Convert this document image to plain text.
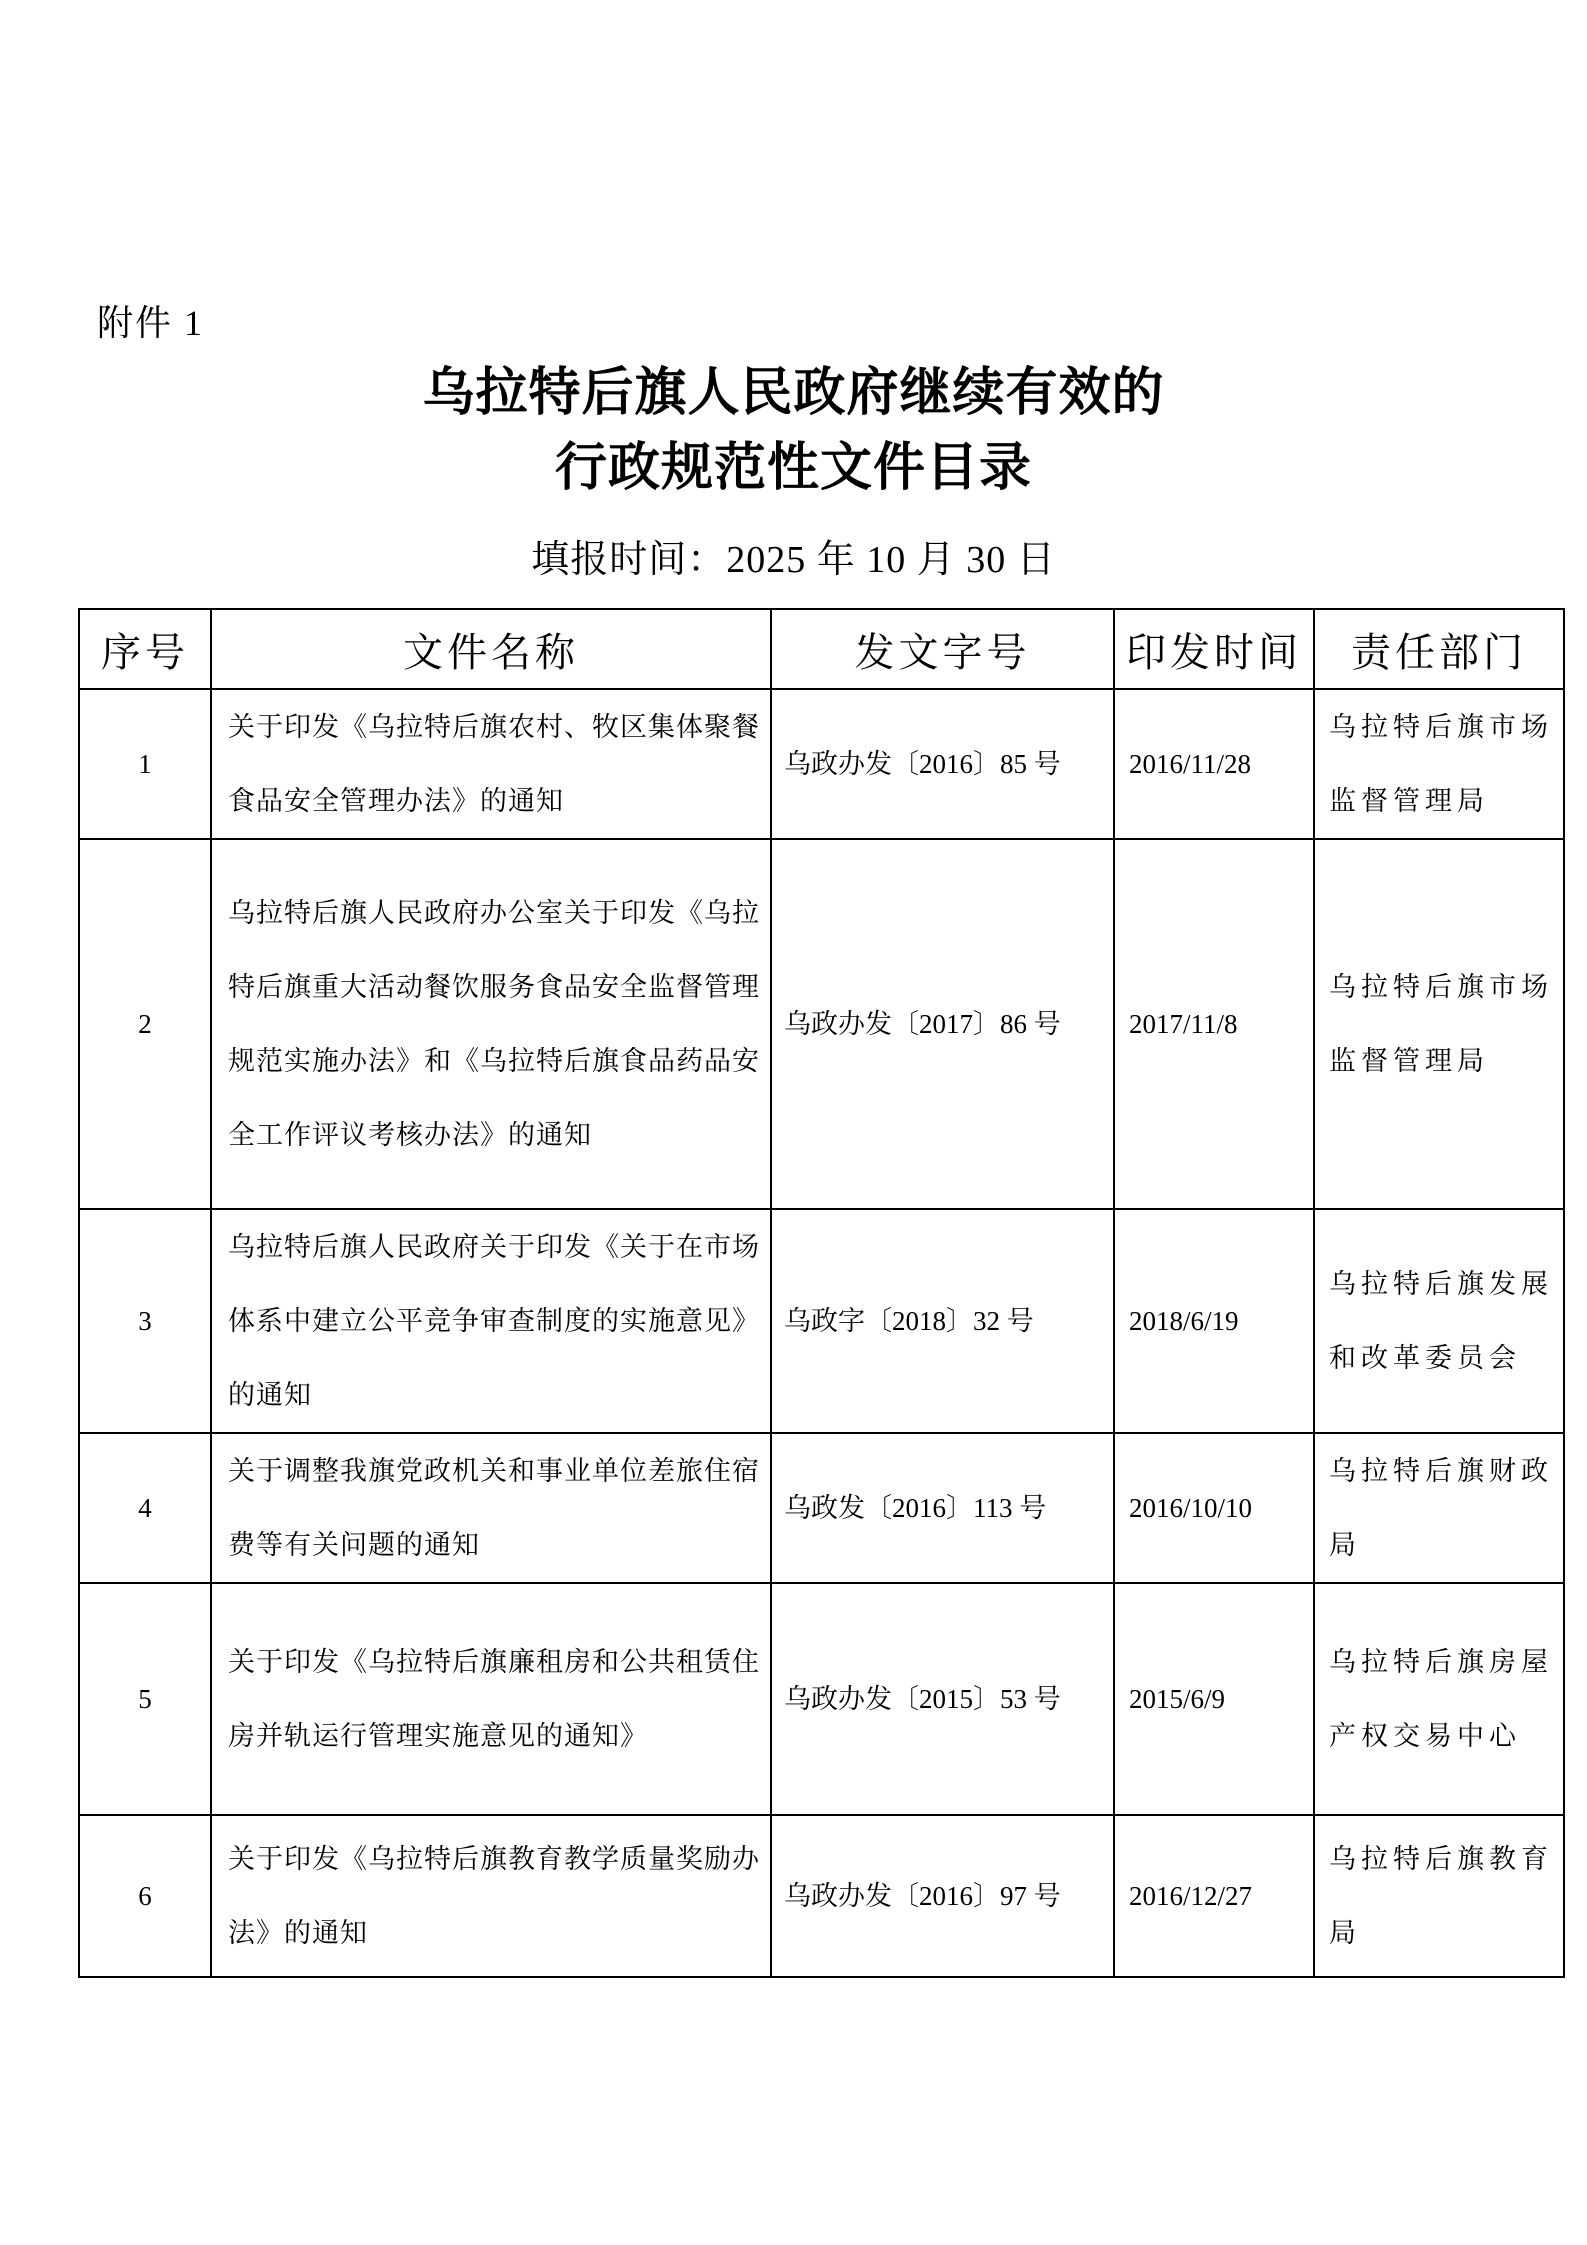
附件 1
乌拉特后旗人民政府继续有效的
行政规范性文件目录
填报时间：2025 年 10 月 30 日
序号	文件名称	发文字号	印发时间	责任部门
1	关于印发《乌拉特后旗农村、牧区集体聚餐食品安全管理办法》的通知	乌政办发〔2016〕85 号	2016/11/28	乌拉特后旗市场监督管理局
2	乌拉特后旗人民政府办公室关于印发《乌拉特后旗重大活动餐饮服务食品安全监督管理规范实施办法》和《乌拉特后旗食品药品安全工作评议考核办法》的通知	乌政办发〔2017〕86 号	2017/11/8	乌拉特后旗市场监督管理局
3	乌拉特后旗人民政府关于印发《关于在市场体系中建立公平竞争审查制度的实施意见》的通知	乌政字〔2018〕32 号	2018/6/19	乌拉特后旗发展和改革委员会
4	关于调整我旗党政机关和事业单位差旅住宿费等有关问题的通知	乌政发〔2016〕113 号	2016/10/10	乌拉特后旗财政局
5	关于印发《乌拉特后旗廉租房和公共租赁住房并轨运行管理实施意见的通知》	乌政办发〔2015〕53 号	2015/6/9	乌拉特后旗房屋产权交易中心
6	关于印发《乌拉特后旗教育教学质量奖励办法》的通知	乌政办发〔2016〕97 号	2016/12/27	乌拉特后旗教育局
